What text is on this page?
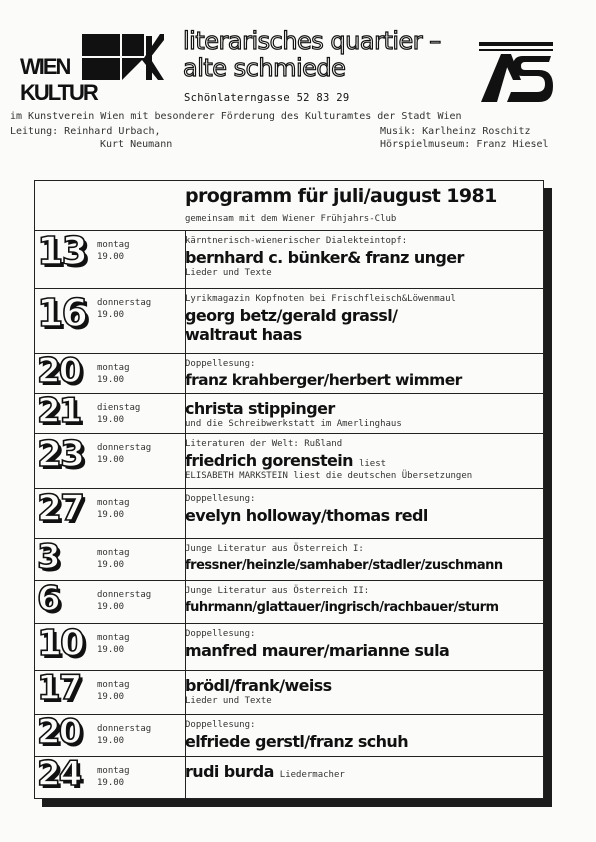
WIEN
KULTUR
literarisches quartier –
alte schmiede
Schönlaterngasse 52 83 29
im Kunstverein Wien mit besonderer Förderung des Kulturamtes der Stadt Wien
Leitung: Reinhard Urbach,
Kurt Neumann
Musik: Karlheinz Roschitz
Hörspielmuseum: Franz Hiesel
programm für juli/august 1981
gemeinsam mit dem Wiener Frühjahrs-Club
13 montag
19.00
kärntnerisch-wienerischer Dialekteintopf:
bernhard c. bünker& franz unger
Lieder und Texte
16 donnerstag
19.00
Lyrikmagazin Kopfnoten bei Frischfleisch&Löwenmaul
georg betz/gerald grassl/
waltraut haas
20 montag
19.00
Doppellesung:
franz krahberger/herbert wimmer
21 dienstag
19.00
christa stippinger
und die Schreibwerkstatt im Amerlinghaus
23 donnerstag
19.00
Literaturen der Welt: Rußland
friedrich gorenstein liest
ELISABETH MARKSTEIN liest die deutschen Übersetzungen
27 montag
19.00
Doppellesung:
evelyn holloway/thomas redl
3	montag
19.00
Junge Literatur aus Österreich I:
fressner/heinzle/samhaber/stadler/zuschmann
6	donnerstag
19.00
Junge Literatur aus Österreich II:
fuhrmann/glattauer/ingrisch/rachbauer/sturm
10 montag
19.00
Doppellesung:
manfred maurer/marianne sula
17 montag
19.00
brödl/frank/weiss
Lieder und Texte
20 donnerstag
19.00
Doppellesung:
elfriede gerstl/franz schuh
24 montag
19.00
rudi burda Liedermacher
